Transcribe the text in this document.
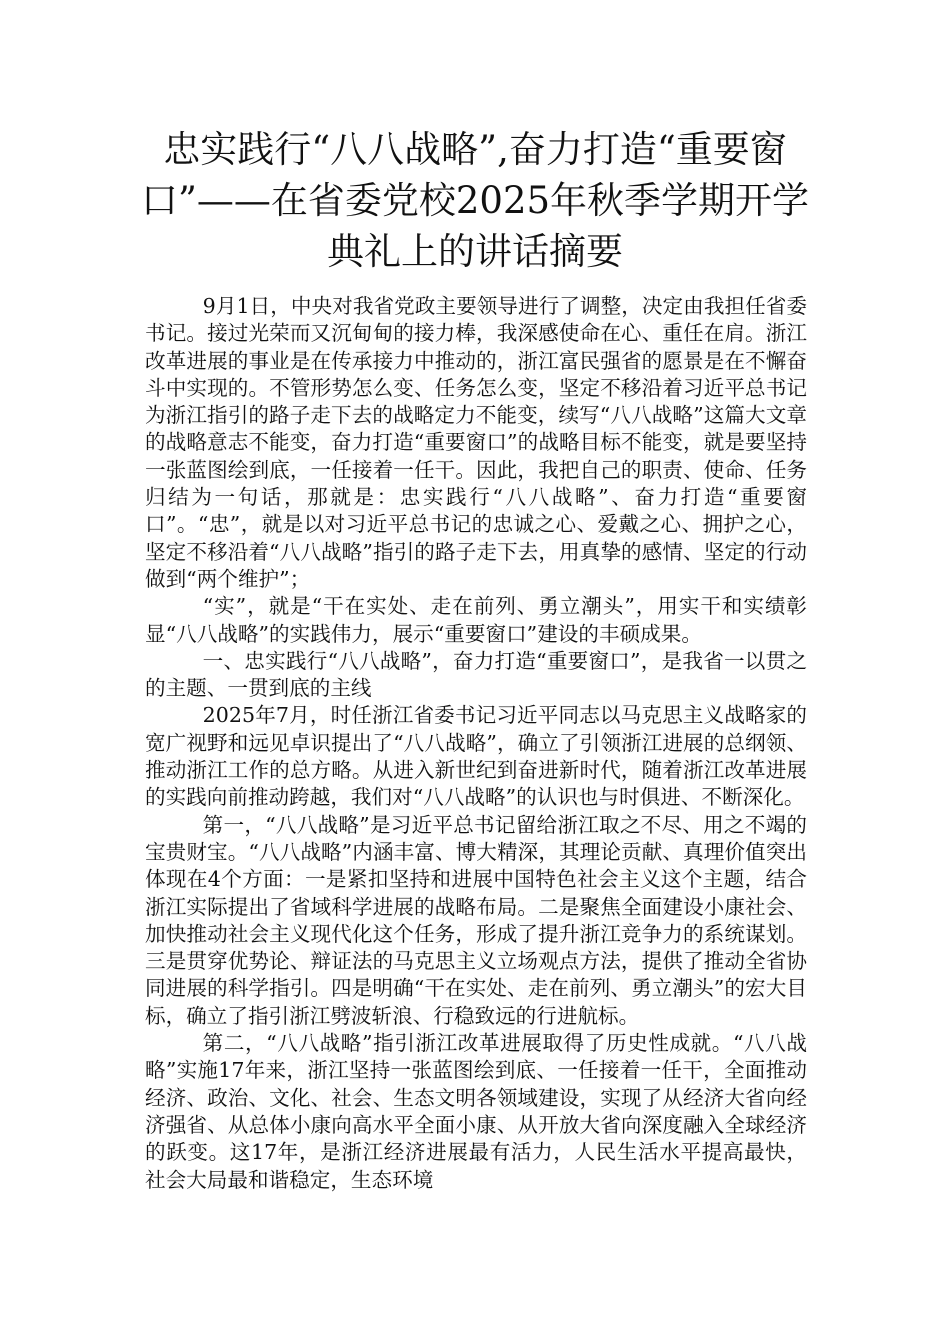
忠实践行“八八战略”,奋力打造“重要窗口”——在省委党校2025年秋季学期开学典礼上的讲话摘要

9月1日，中央对我省党政主要领导进行了调整，决定由我担任省委书记。接过光荣而又沉甸甸的接力棒，我深感使命在心、重任在肩。浙江改革进展的事业是在传承接力中推动的，浙江富民强省的愿景是在不懈奋斗中实现的。不管形势怎么变、任务怎么变，坚定不移沿着习近平总书记为浙江指引的路子走下去的战略定力不能变，续写“八八战略”这篇大文章的战略意志不能变，奋力打造“重要窗口”的战略目标不能变，就是要坚持一张蓝图绘到底，一任接着一任干。因此，我把自己的职责、使命、任务归结为一句话，那就是：忠实践行“八八战略”、奋力打造“重要窗口”。“忠”，就是以对习近平总书记的忠诚之心、爱戴之心、拥护之心，坚定不移沿着“八八战略”指引的路子走下去，用真挚的感情、坚定的行动做到“两个维护”；

“实”，就是“干在实处、走在前列、勇立潮头”，用实干和实绩彰显“八八战略”的实践伟力，展示“重要窗口”建设的丰硕成果。

一、忠实践行“八八战略”，奋力打造“重要窗口”，是我省一以贯之的主题、一贯到底的主线

2025年7月，时任浙江省委书记习近平同志以马克思主义战略家的宽广视野和远见卓识提出了“八八战略”，确立了引领浙江进展的总纲领、推动浙江工作的总方略。从进入新世纪到奋进新时代，随着浙江改革进展的实践向前推动跨越，我们对“八八战略”的认识也与时俱进、不断深化。

第一，“八八战略”是习近平总书记留给浙江取之不尽、用之不竭的宝贵财宝。“八八战略”内涵丰富、博大精深，其理论贡献、真理价值突出体现在4个方面：一是紧扣坚持和进展中国特色社会主义这个主题，结合浙江实际提出了省域科学进展的战略布局。二是聚焦全面建设小康社会、加快推动社会主义现代化这个任务，形成了提升浙江竞争力的系统谋划。三是贯穿优势论、辩证法的马克思主义立场观点方法，提供了推动全省协同进展的科学指引。四是明确“干在实处、走在前列、勇立潮头”的宏大目标，确立了指引浙江劈波斩浪、行稳致远的行进航标。

第二，“八八战略”指引浙江改革进展取得了历史性成就。“八八战略”实施17年来，浙江坚持一张蓝图绘到底、一任接着一任干，全面推动经济、政治、文化、社会、生态文明各领域建设，实现了从经济大省向经济强省、从总体小康向高水平全面小康、从开放大省向深度融入全球经济的跃变。这17年，是浙江经济进展最有活力，人民生活水平提高最快，社会大局最和谐稳定，生态环境
